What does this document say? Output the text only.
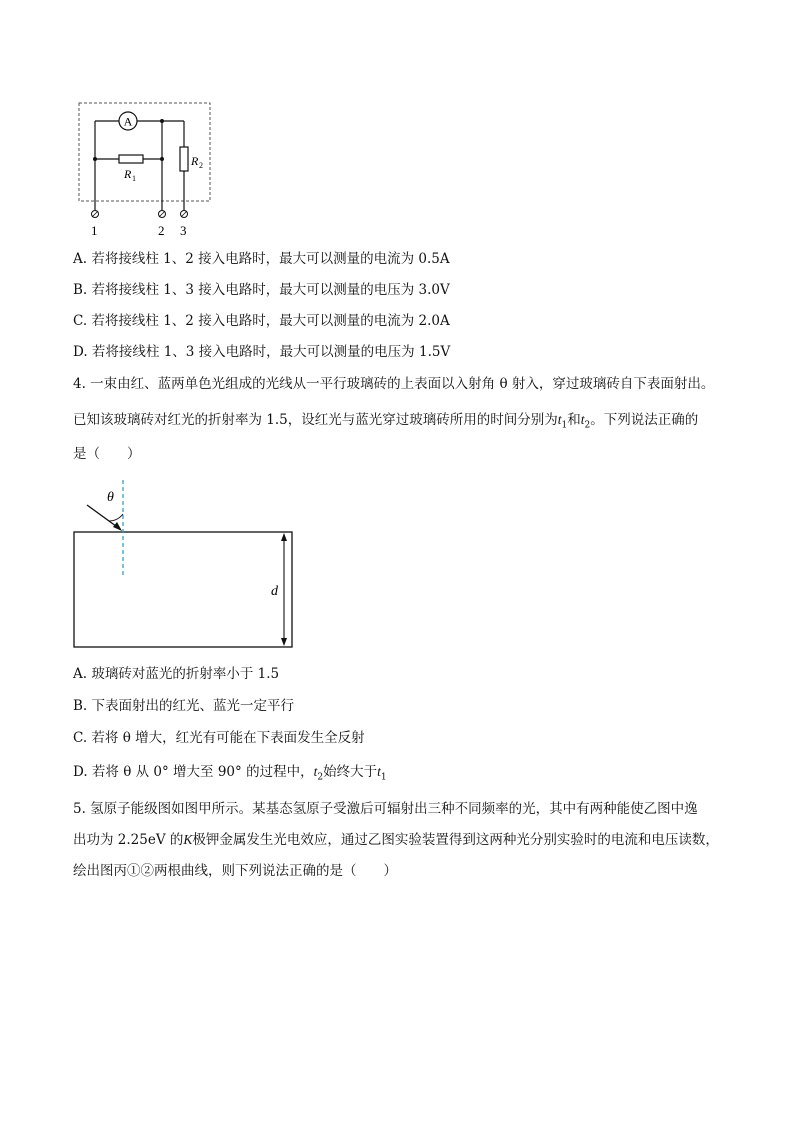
A
R 1
R 2
1	2 3
θ
d
A. 若将接线柱 1、2 接入电路时，最大可以测量的电流为 0.5A
B. 若将接线柱 1、3 接入电路时，最大可以测量的电压为 3.0V
C. 若将接线柱 1、2 接入电路时，最大可以测量的电流为 2.0A
D. 若将接线柱 1、3 接入电路时，最大可以测量的电压为 1.5V
4. 一束由红、蓝两单色光组成的光线从一平行玻璃砖的上表面以入射角 θ 射入，穿过玻璃砖自下表面射出。
已知该玻璃砖对红光的折射率为 1.5，设红光与蓝光穿过玻璃砖所用的时间分别为$t_1$和$t_2$。下列说法正确的
是（　　）
A. 玻璃砖对蓝光的折射率小于 1.5
B. 下表面射出的红光、蓝光一定平行
C. 若将 θ 增大，红光有可能在下表面发生全反射
D. 若将 θ 从 0° 增大至 90° 的过程中，$t_2$始终大于$t_1$
5. 氢原子能级图如图甲所示。某基态氢原子受激后可辐射出三种不同频率的光，其中有两种能使乙图中逸
出功为 2.25eV 的K极钾金属发生光电效应，通过乙图实验装置得到这两种光分别实验时的电流和电压读数，
绘出图丙①②两根曲线，则下列说法正确的是（　　）
